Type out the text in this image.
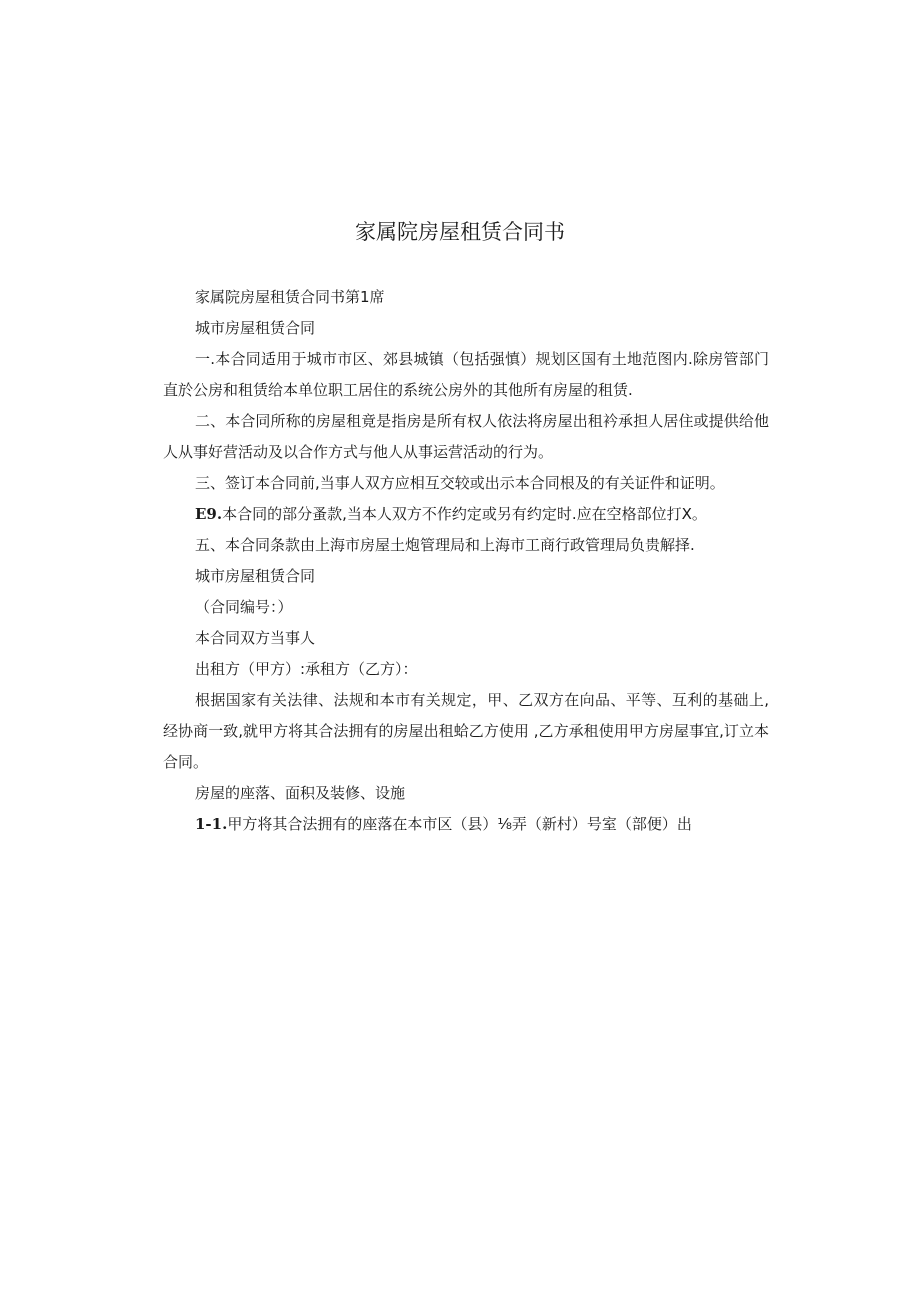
家属院房屋租赁合同书

家属院房屋租赁合同书第1席

城市房屋租赁合同

一.本合同适用于城市市区、郊县城镇（包括强慎）规划区国有土地范图内.除房管部门直於公房和租赁给本单位职工居住的系统公房外的其他所有房屋的租赁.

二、本合同所称的房屋租竟是指房是所有权人依法将房屋出租衿承担人居住或提供给他人从事好营活动及以合作方式与他人从事运营活动的行为。

三、签订本合同前,当事人双方应相互交较或出示本合同根及的有关证件和证明。

E9.本合同的部分蚤款,当本人双方不作约定或另有约定时.应在空格部位打X。

五、本合同条款由上海市房屋土炮管理局和上海市工商行政管理局负贵解择.

城市房屋租赁合同

（合同编号：）

本合同双方当事人

出租方（甲方）:承租方（乙方）：

根据国家有关法律、法规和本市有关规定，甲、乙双方在向品、平等、互利的基础上,经协商一致,就甲方将其合法拥有的房屋出租蛤乙方使用 ,乙方承租使用甲方房屋事宜,订立本合同。

房屋的座落、面积及装修、设施

1-1.甲方将其合法拥有的座落在本市区（县）⅛弄（新村）号室（部便）出
